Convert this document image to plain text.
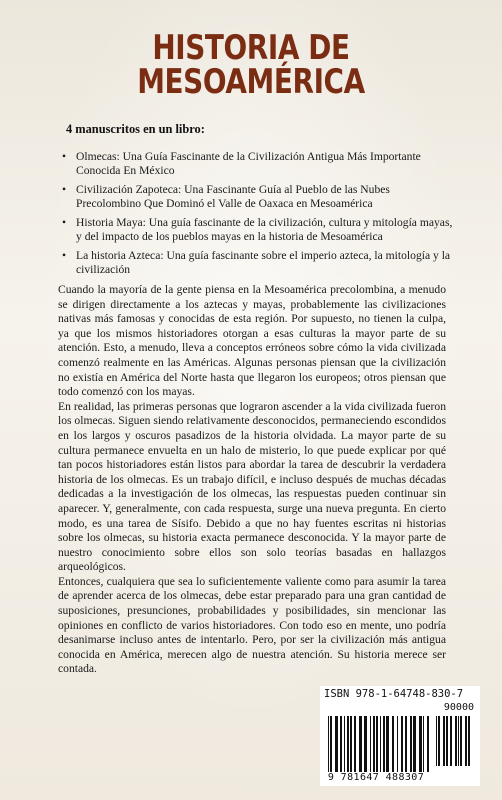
HISTORIA DE
MESOAMÉRICA
4 manuscritos en un libro:
• Olmecas: Una Guía Fascinante de la Civilización Antigua Más Importante Conocida En México
• Civilización Zapoteca: Una Fascinante Guía al Pueblo de las Nubes Precolombino Que Dominó el Valle de Oaxaca en Mesoamérica
• Historia Maya: Una guía fascinante de la civilización, cultura y mitología mayas, y del impacto de los pueblos mayas en la historia de Mesoamérica
• La historia Azteca: Una guía fascinante sobre el imperio azteca, la mitología y la civilización

Cuando la mayoría de la gente piensa en la Mesoamérica precolombina, a menudo se dirigen directamente a los aztecas y mayas, probablemente las civilizaciones nativas más famosas y conocidas de esta región. Por supuesto, no tienen la culpa, ya que los mismos historiadores otorgan a esas culturas la mayor parte de su atención. Esto, a menudo, lleva a conceptos erróneos sobre cómo la vida civilizada comenzó realmente en las Américas. Algunas personas piensan que la civilización no existía en América del Norte hasta que llegaron los europeos; otros piensan que todo comenzó con los mayas.

En realidad, las primeras personas que lograron ascender a la vida civilizada fueron los olmecas. Siguen siendo relativamente desconocidos, permaneciendo escondidos en los largos y oscuros pasadizos de la historia olvidada. La mayor parte de su cultura permanece envuelta en un halo de misterio, lo que puede explicar por qué tan pocos historiadores están listos para abordar la tarea de descubrir la verdadera historia de los olmecas. Es un trabajo difícil, e incluso después de muchas décadas dedicadas a la investigación de los olmecas, las respuestas pueden continuar sin aparecer. Y, generalmente, con cada respuesta, surge una nueva pregunta. En cierto modo, es una tarea de Sísifo. Debido a que no hay fuentes escritas ni historias sobre los olmecas, su historia exacta permanece desconocida. Y la mayor parte de nuestro conocimiento sobre ellos son solo teorías basadas en hallazgos arqueológicos.

Entonces, cualquiera que sea lo suficientemente valiente como para asumir la tarea de aprender acerca de los olmecas, debe estar preparado para una gran cantidad de suposiciones, presunciones, probabilidades y posibilidades, sin mencionar las opiniones en conflicto de varios historiadores. Con todo eso en mente, uno podría desanimarse incluso antes de intentarlo. Pero, por ser la civilización más antigua conocida en América, merecen algo de nuestra atención. Su historia merece ser contada.

ISBN 978-1-64748-830-7
90000
9 781647 488307
